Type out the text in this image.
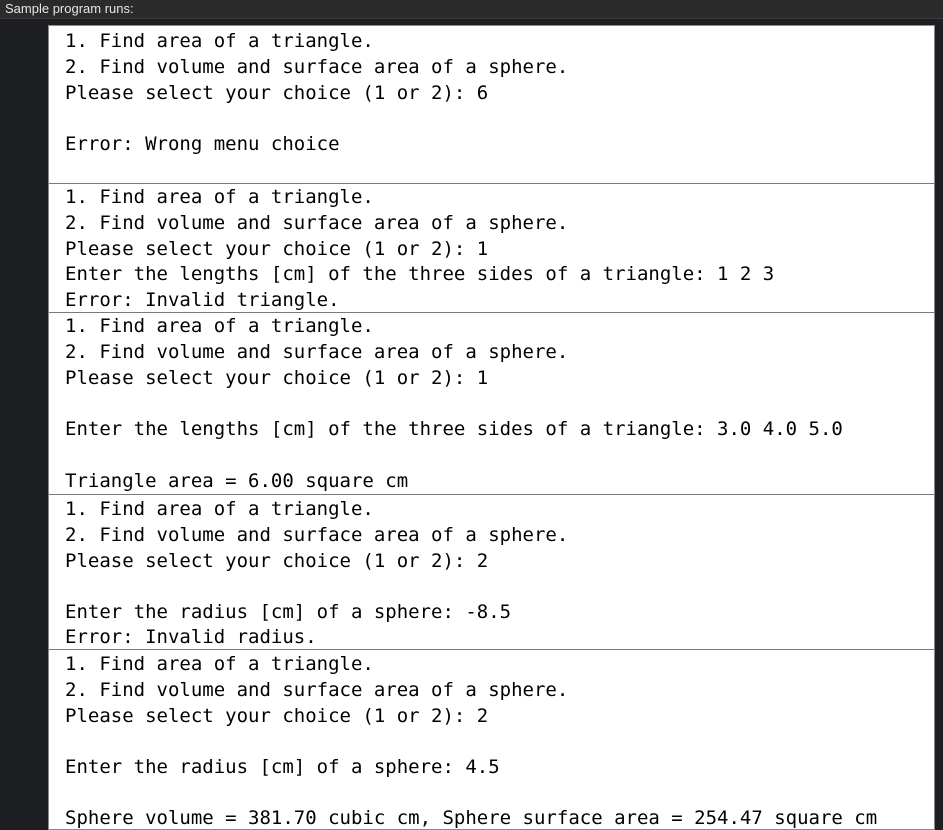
Sample program runs:
1. Find area of a triangle.
2. Find volume and surface area of a sphere.
Please select your choice (1 or 2): 6
Error: Wrong menu choice
1. Find area of a triangle.
2. Find volume and surface area of a sphere.
Please select your choice (1 or 2): 1
Enter the lengths [cm] of the three sides of a triangle: 1 2 3
Error: Invalid triangle.
1. Find area of a triangle.
2. Find volume and surface area of a sphere.
Please select your choice (1 or 2): 1
Enter the lengths [cm] of the three sides of a triangle: 3.0 4.0 5.0
Triangle area = 6.00 square cm
1. Find area of a triangle.
2. Find volume and surface area of a sphere.
Please select your choice (1 or 2): 2
Enter the radius [cm] of a sphere: -8.5
Error: Invalid radius.
1. Find area of a triangle.
2. Find volume and surface area of a sphere.
Please select your choice (1 or 2): 2
Enter the radius [cm] of a sphere: 4.5
Sphere volume = 381.70 cubic cm, Sphere surface area = 254.47 square cm
